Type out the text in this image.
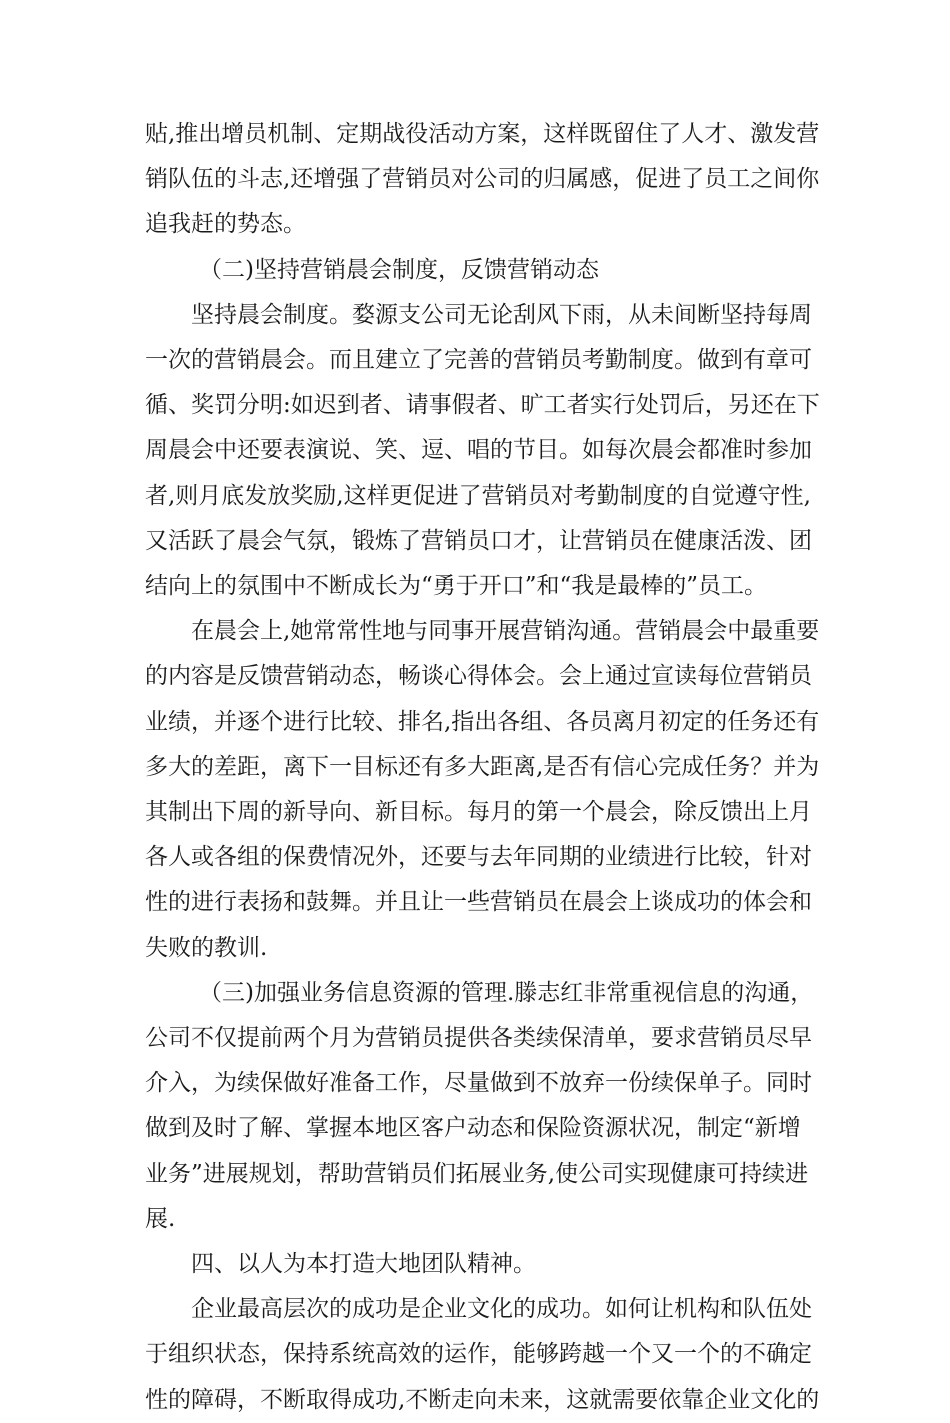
贴,推出增员机制、定期战役活动方案，这样既留住了人才、激发营
销队伍的斗志,还增强了营销员对公司的归属感，促进了员工之间你
追我赶的势态。

（二)坚持营销晨会制度，反馈营销动态

坚持晨会制度。婺源支公司无论刮风下雨，从未间断坚持每周
一次的营销晨会。而且建立了完善的营销员考勤制度。做到有章可
循、奖罚分明:如迟到者、请事假者、旷工者实行处罚后，另还在下
周晨会中还要表演说、笑、逗、唱的节目。如每次晨会都准时参加
者,则月底发放奖励,这样更促进了营销员对考勤制度的自觉遵守性,
又活跃了晨会气氛，锻炼了营销员口才，让营销员在健康活泼、团
结向上的氛围中不断成长为“勇于开口”和“我是最棒的”员工。

在晨会上,她常常性地与同事开展营销沟通。营销晨会中最重要
的内容是反馈营销动态，畅谈心得体会。会上通过宣读每位营销员
业绩，并逐个进行比较、排名,指出各组、各员离月初定的任务还有
多大的差距，离下一目标还有多大距离,是否有信心完成任务？并为
其制出下周的新导向、新目标。每月的第一个晨会，除反馈出上月
各人或各组的保费情况外，还要与去年同期的业绩进行比较，针对
性的进行表扬和鼓舞。并且让一些营销员在晨会上谈成功的体会和
失败的教训.

（三)加强业务信息资源的管理.滕志红非常重视信息的沟通，
公司不仅提前两个月为营销员提供各类续保清单，要求营销员尽早
介入，为续保做好准备工作，尽量做到不放弃一份续保单子。同时
做到及时了解、掌握本地区客户动态和保险资源状况，制定“新增
业务”进展规划，帮助营销员们拓展业务,使公司实现健康可持续进
展.

四、以人为本打造大地团队精神。

企业最高层次的成功是企业文化的成功。如何让机构和队伍处
于组织状态，保持系统高效的运作，能够跨越一个又一个的不确定
性的障碍，不断取得成功,不断走向未来，这就需要依靠企业文化的
